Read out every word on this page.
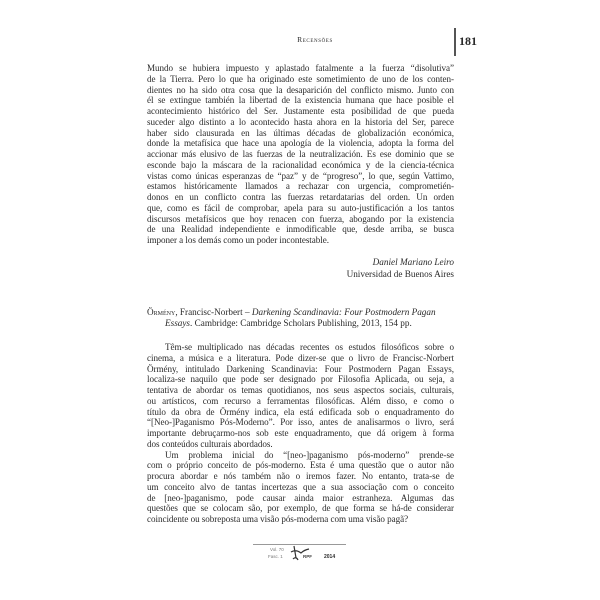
Recensões	181
Mundo se hubiera impuesto y aplastado fatalmente a la fuerza “disolutiva”
de la Tierra. Pero lo que ha originado este sometimiento de uno de los conten-
dientes no ha sido otra cosa que la desaparición del conflicto mismo. Junto con
él se extingue también la libertad de la existencia humana que hace posible el
acontecimiento histórico del Ser. Justamente esta posibilidad de que pueda
suceder algo distinto a lo acontecido hasta ahora en la historia del Ser, parece
haber sido clausurada en las últimas décadas de globalización económica,
donde la metafísica que hace una apología de la violencia, adopta la forma del
accionar más elusivo de las fuerzas de la neutralización. Es ese dominio que se
esconde bajo la máscara de la racionalidad económica y de la ciencia-técnica
vistas como únicas esperanzas de “paz” y de “progreso”, lo que, según Vattimo,
estamos históricamente llamados a rechazar con urgencia, comprometién-
donos en un conflicto contra las fuerzas retardatarias del orden. Un orden
que, como es fácil de comprobar, apela para su auto-justificación a los tantos
discursos metafísicos que hoy renacen con fuerza, abogando por la existencia
de una Realidad independiente e inmodificable que, desde arriba, se busca
imponer a los demás como un poder incontestable.
Daniel Mariano Leiro
Universidad de Buenos Aires
Örmény, Francisc-Norbert – Darkening Scandinavia: Four Postmodern Pagan
Essays. Cambridge: Cambridge Scholars Publishing, 2013, 154 pp.
Têm-se multiplicado nas décadas recentes os estudos filosóficos sobre o
cinema, a música e a literatura. Pode dizer-se que o livro de Francisc-Norbert
Örmény, intitulado Darkening Scandinavia: Four Postmodern Pagan Essays,
localiza-se naquilo que pode ser designado por Filosofia Aplicada, ou seja, a
tentativa de abordar os temas quotidianos, nos seus aspectos sociais, culturais,
ou artísticos, com recurso a ferramentas filosóficas. Além disso, e como o
título da obra de Örmény indica, ela está edificada sob o enquadramento do
“[Neo-]Paganismo Pós-Moderno”. Por isso, antes de analisarmos o livro, será
importante debruçarmo-nos sob este enquadramento, que dá origem à forma
dos conteúdos culturais abordados.
Um problema inicial do “[neo-]paganismo pós-moderno” prende-se
com o próprio conceito de pós-moderno. Esta é uma questão que o autor não
procura abordar e nós também não o iremos fazer. No entanto, trata-se de
um conceito alvo de tantas incertezas que a sua associação com o conceito
de [neo-]paganismo, pode causar ainda maior estranheza. Algumas das
questões que se colocam são, por exemplo, de que forma se há-de considerar
coincidente ou sobreposta uma visão pós-moderna com uma visão pagã?
Vol. 70
Fasc. 1	RPF 2014
